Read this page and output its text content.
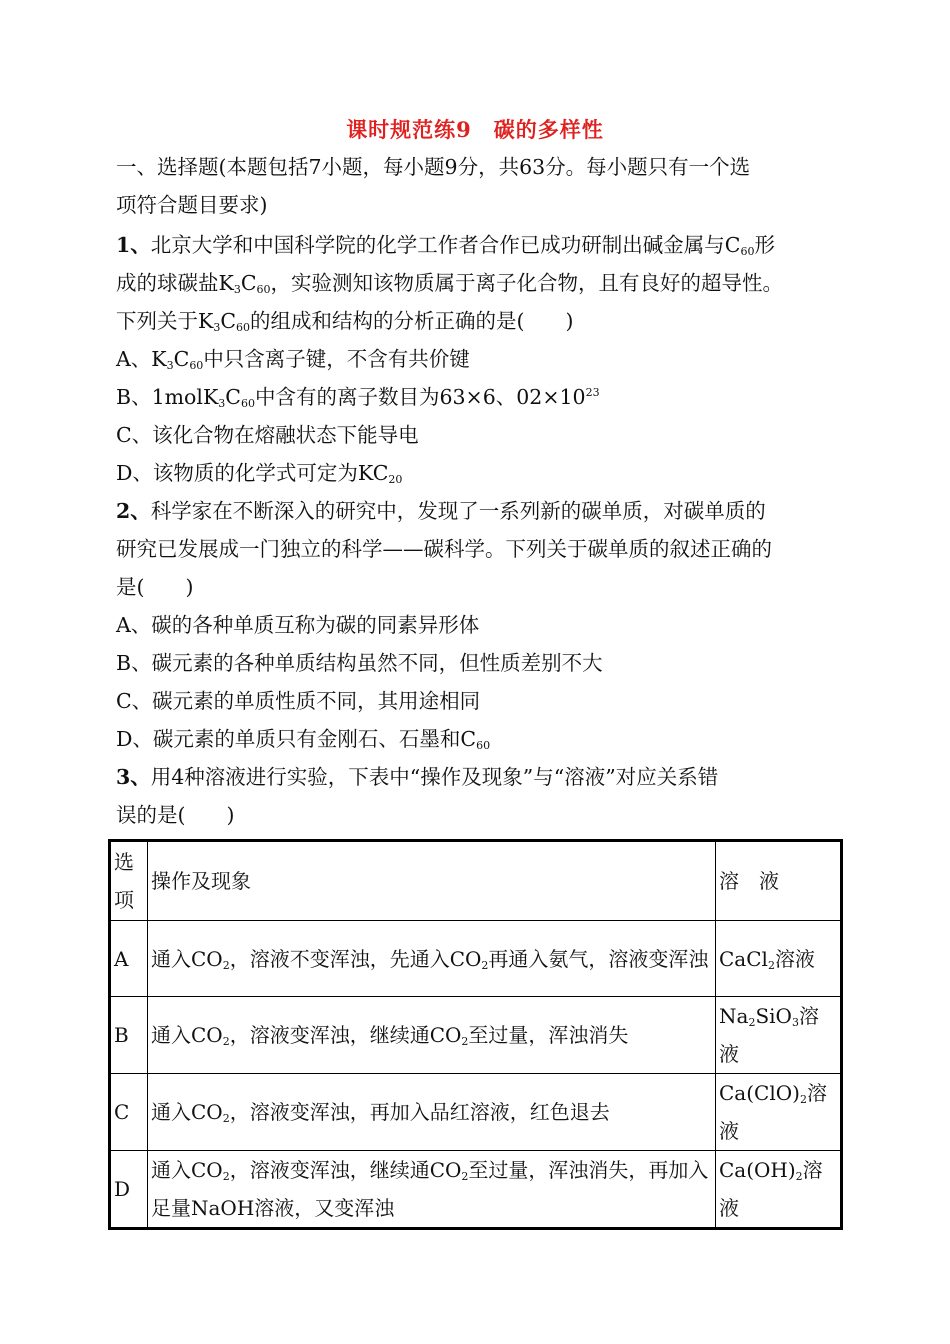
课时规范练9　碳的多样性
一、选择题(本题包括7小题，每小题9分，共63分。每小题只有一个选
项符合题目要求)
1、北京大学和中国科学院的化学工作者合作已成功研制出碱金属与$C_{60}$形
成的球碳盐$K_3C_{60}$，实验测知该物质属于离子化合物，且有良好的超导性。
下列关于$K_3C_{60}$的组成和结构的分析正确的是(　　)
A、$K_3C_{60}$中只含离子键，不含有共价键
B、$1molK_3C_{60}$中含有的离子数目为63×6、$02\times 10^{23}$
C、该化合物在熔融状态下能导电
D、该物质的化学式可定为$KC_{20}$
2、科学家在不断深入的研究中，发现了一系列新的碳单质，对碳单质的
研究已发展成一门独立的科学——碳科学。下列关于碳单质的叙述正确的
是(　　)
A、碳的各种单质互称为碳的同素异形体
B、碳元素的各种单质结构虽然不同，但性质差别不大
C、碳元素的单质性质不同，其用途相同
D、碳元素的单质只有金刚石、石墨和$C_{60}$
3、用4种溶液进行实验，下表中“操作及现象”与“溶液”对应关系错
误的是(　　)
选
项	操作及现象	溶　液
A	通入$CO_2$，溶液不变浑浊，先通入$CO_2$再通入氨气，溶液变浑浊	CaCl$_2$溶液
B	通入$CO_2$，溶液变浑浊，继续通$CO_2$至过量，浑浊消失	$Na_2SiO_3$溶液
C	通入$CO_2$，溶液变浑浊，再加入品红溶液，红色退去	$Ca(ClO)_2$溶液
D	通入$CO_2$，溶液变浑浊，继续通$CO_2$至过量，浑浊消失，再加入足量NaOH溶液，又变浑浊	$Ca(OH)_2$溶液
